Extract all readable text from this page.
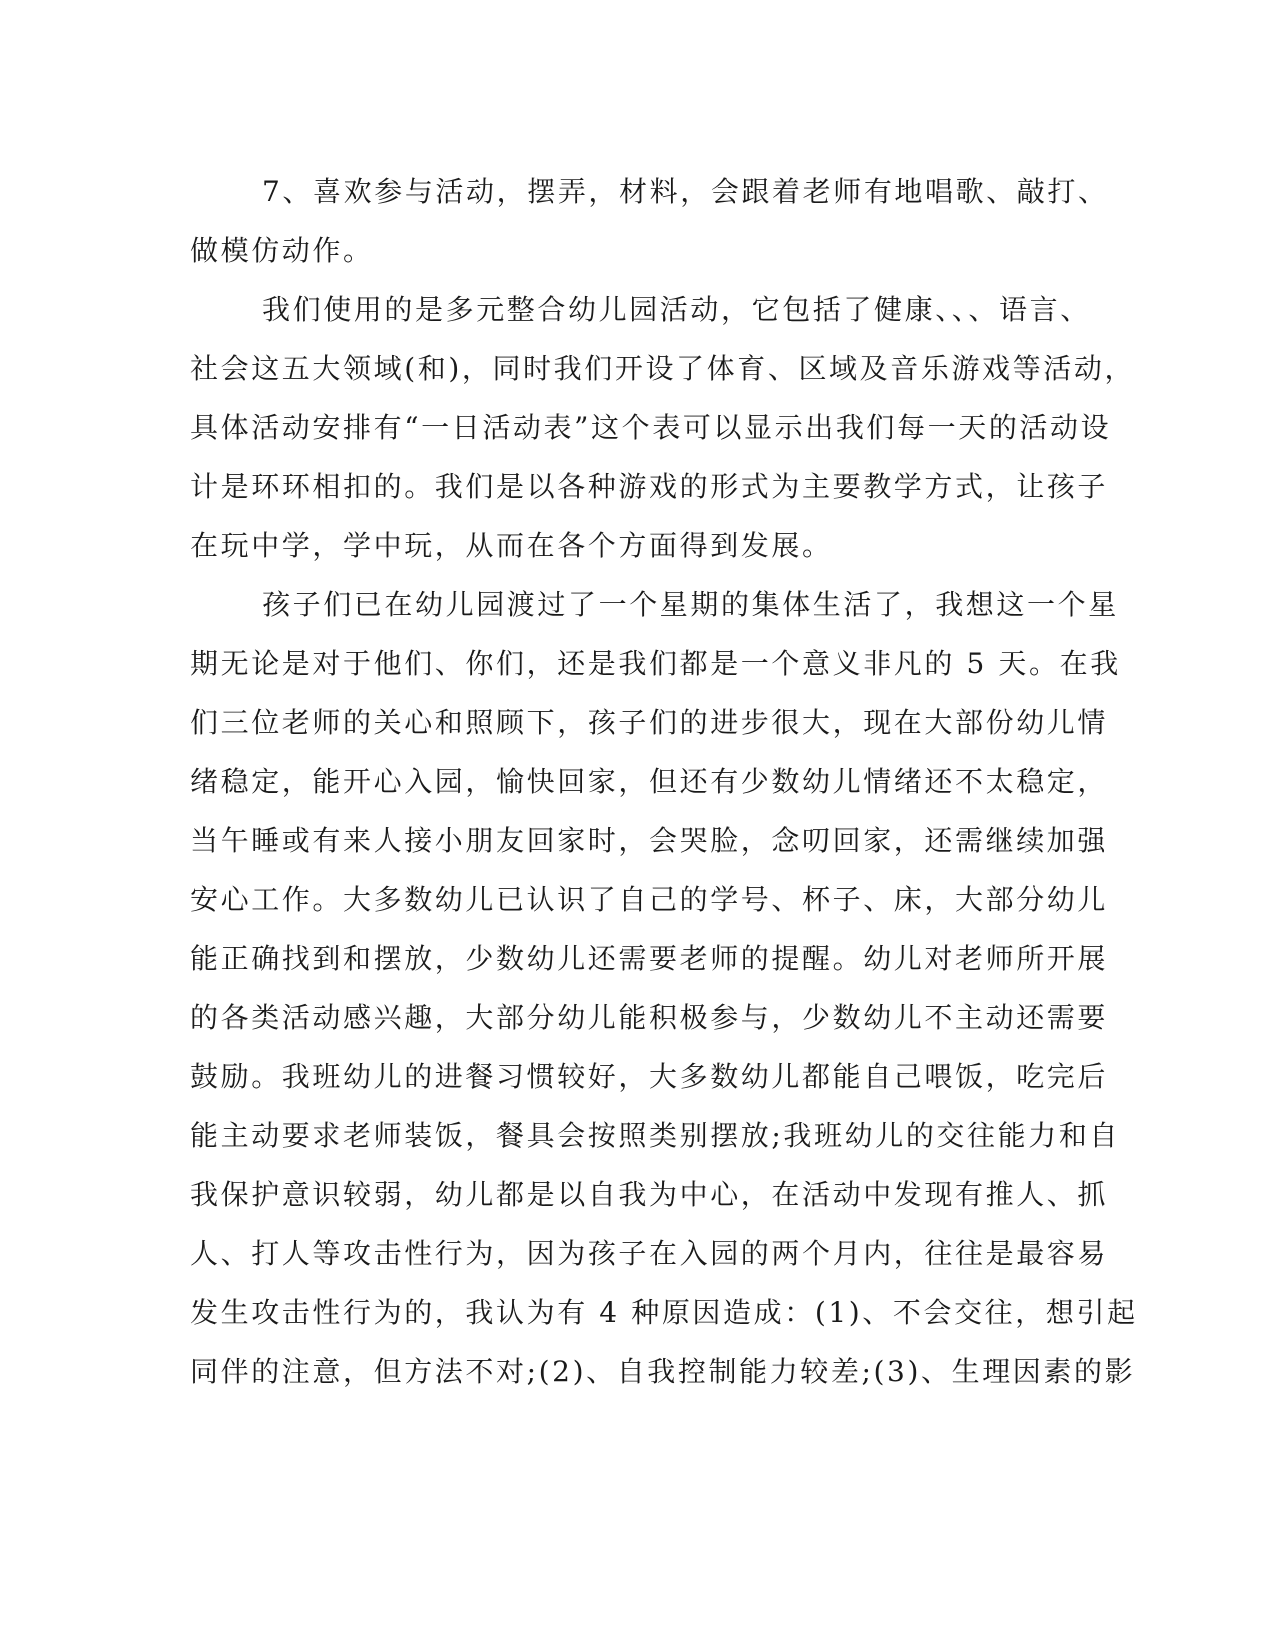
7、喜欢参与活动，摆弄，材料，会跟着老师有地唱歌、敲打、
做模仿动作。
我们使用的是多元整合幼儿园活动，它包括了健康、、、语言、
社会这五大领域(和)，同时我们开设了体育、区域及音乐游戏等活动，
具体活动安排有“一日活动表”这个表可以显示出我们每一天的活动设
计是环环相扣的。我们是以各种游戏的形式为主要教学方式，让孩子
在玩中学，学中玩，从而在各个方面得到发展。
孩子们已在幼儿园渡过了一个星期的集体生活了，我想这一个星
期无论是对于他们、你们，还是我们都是一个意义非凡的 5 天。在我
们三位老师的关心和照顾下，孩子们的进步很大，现在大部份幼儿情
绪稳定，能开心入园，愉快回家，但还有少数幼儿情绪还不太稳定，
当午睡或有来人接小朋友回家时，会哭脸，念叨回家，还需继续加强
安心工作。大多数幼儿已认识了自己的学号、杯子、床，大部分幼儿
能正确找到和摆放，少数幼儿还需要老师的提醒。幼儿对老师所开展
的各类活动感兴趣，大部分幼儿能积极参与，少数幼儿不主动还需要
鼓励。我班幼儿的进餐习惯较好，大多数幼儿都能自己喂饭，吃完后
能主动要求老师装饭，餐具会按照类别摆放;我班幼儿的交往能力和自
我保护意识较弱，幼儿都是以自我为中心，在活动中发现有推人、抓
人、打人等攻击性行为，因为孩子在入园的两个月内，往往是最容易
发生攻击性行为的，我认为有 4 种原因造成：(1)、不会交往，想引起
同伴的注意，但方法不对;(2)、自我控制能力较差;(3)、生理因素的影
